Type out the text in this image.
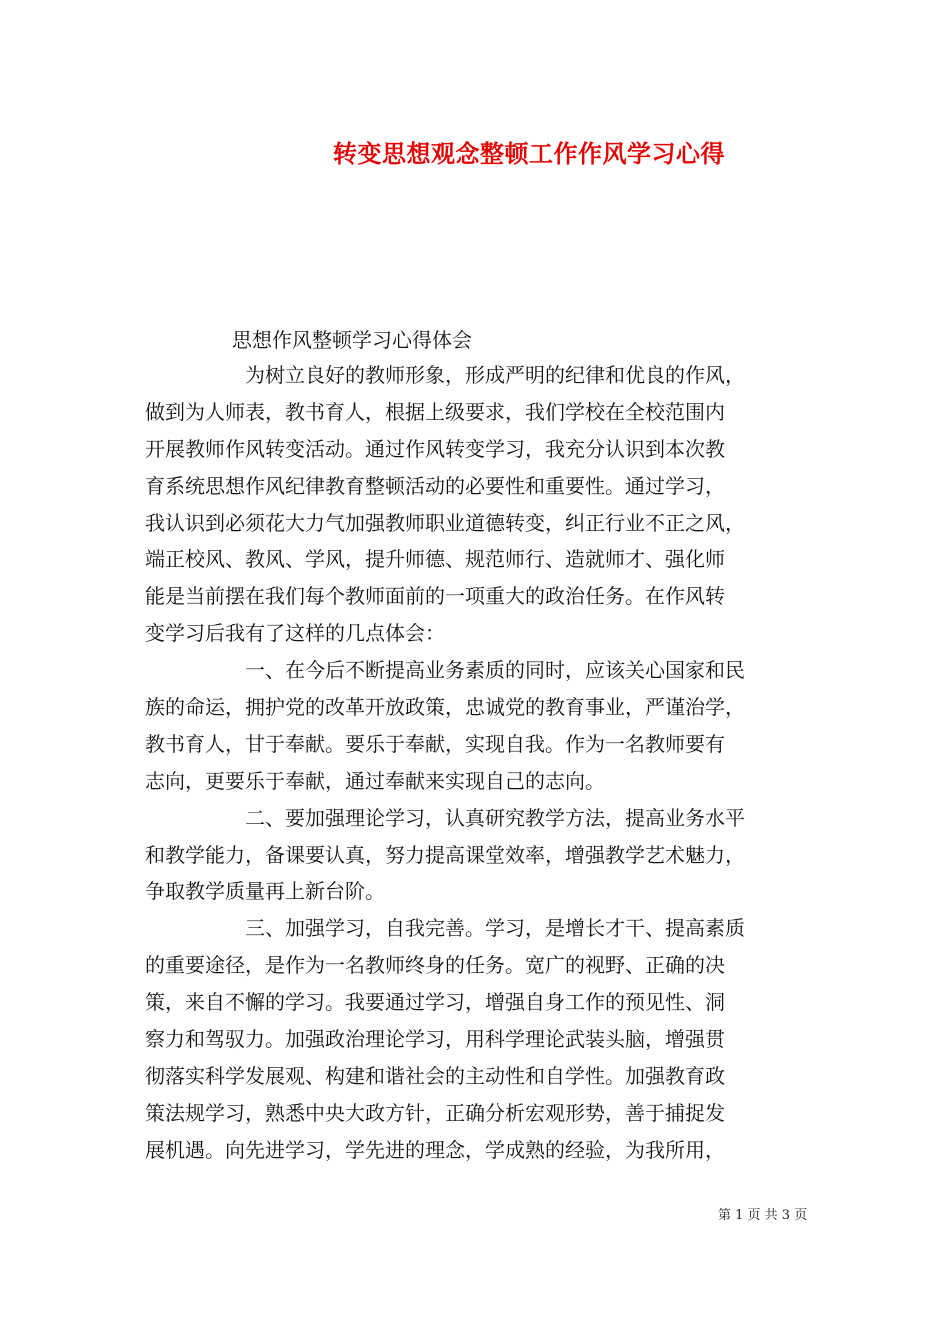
转变思想观念整顿工作作风学习心得
思想作风整顿学习心得体会
为树立良好的教师形象，形成严明的纪律和优良的作风，
做到为人师表，教书育人，根据上级要求，我们学校在全校范围内
开展教师作风转变活动。通过作风转变学习，我充分认识到本次教
育系统思想作风纪律教育整顿活动的必要性和重要性。通过学习，
我认识到必须花大力气加强教师职业道德转变，纠正行业不正之风，
端正校风、教风、学风，提升师德、规范师行、造就师才、强化师
能是当前摆在我们每个教师面前的一项重大的政治任务。在作风转
变学习后我有了这样的几点体会：
一、在今后不断提高业务素质的同时，应该关心国家和民
族的命运，拥护党的改革开放政策，忠诚党的教育事业，严谨治学，
教书育人，甘于奉献。要乐于奉献，实现自我。作为一名教师要有
志向，更要乐于奉献，通过奉献来实现自己的志向。
二、要加强理论学习，认真研究教学方法，提高业务水平
和教学能力，备课要认真，努力提高课堂效率，增强教学艺术魅力，
争取教学质量再上新台阶。
三、加强学习，自我完善。学习，是增长才干、提高素质
的重要途径，是作为一名教师终身的任务。宽广的视野、正确的决
策，来自不懈的学习。我要通过学习，增强自身工作的预见性、洞
察力和驾驭力。加强政治理论学习，用科学理论武装头脑，增强贯
彻落实科学发展观、构建和谐社会的主动性和自学性。加强教育政
策法规学习，熟悉中央大政方针，正确分析宏观形势，善于捕捉发
展机遇。向先进学习，学先进的理念，学成熟的经验，为我所用，
第 1 页 共 3 页
